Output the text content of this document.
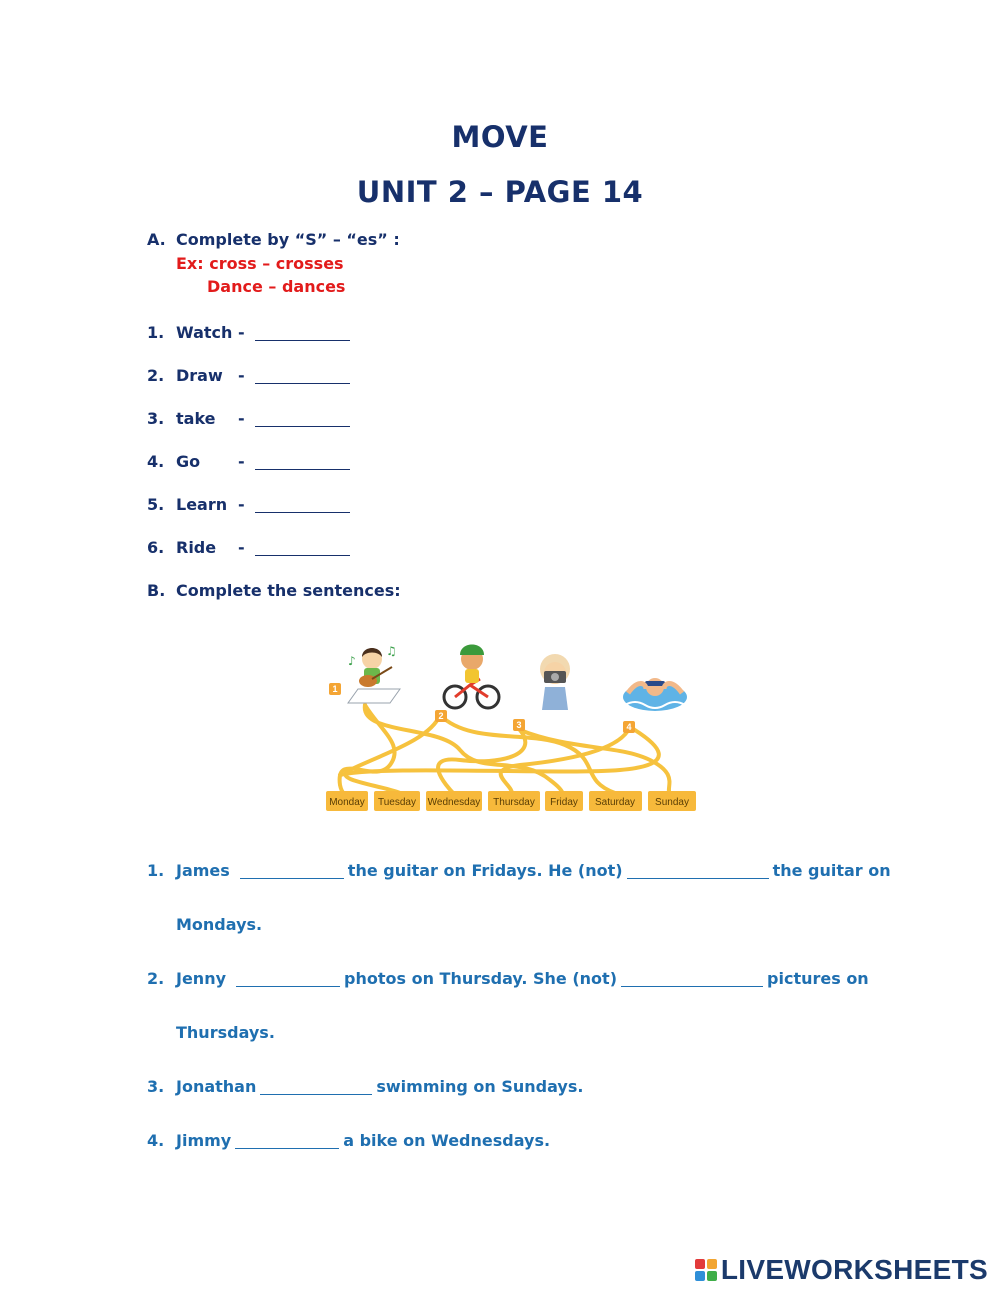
MOVE
UNIT 2 – PAGE 14
A. Complete by “S” – “es” :
Ex: cross – crosses
Dance – dances
1. Watch -
2. Draw -
3. take -
4. Go -
5. Learn -
6. Ride -
B. Complete the sentences:
Monday Tuesday Wednesday Thursday Friday Saturday Sunday
1
2
3	4
♪
♫
1. James	the guitar on Fridays. He (not)	the guitar on
Mondays.
2. Jenny	photos on Thursday. She (not)	pictures on
Thursdays.
3. Jonathan	swimming on Sundays.
4. Jimmy	a bike on Wednesdays.
LIVEWORKSHEETS
